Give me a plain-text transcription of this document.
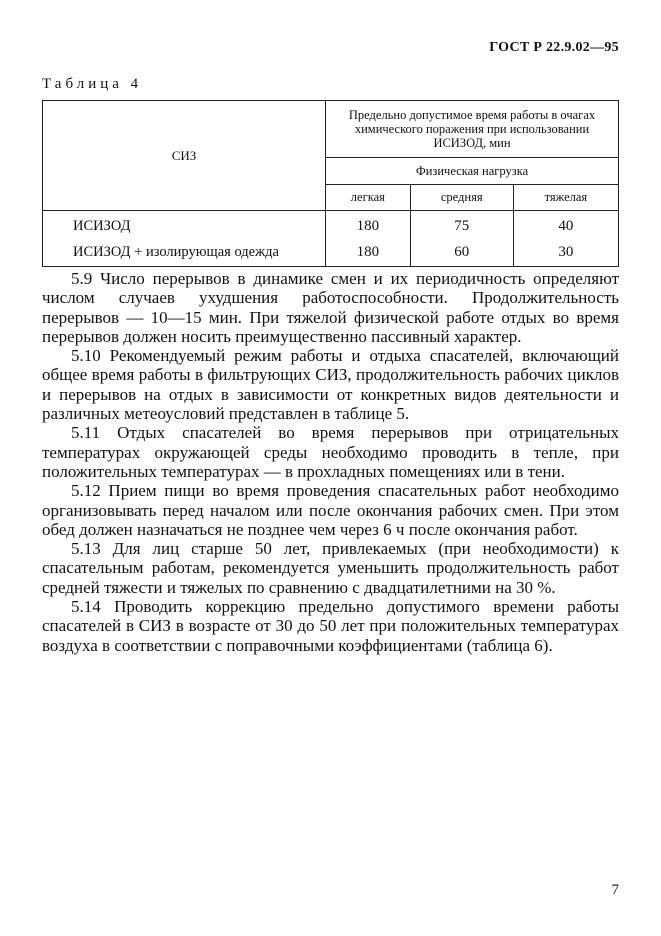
ГОСТ Р 22.9.02—95
Таблица 4
СИЗ	Предельно допустимое время работы в очагах химического поражения при использовании ИСИЗОД, мин		
	Физическая нагрузка		
	легкая	средняя	тяжелая
ИСИЗОД	180	75	40
ИСИЗОД + изолирующая одежда	180	60	30

5.9 Число перерывов в динамике смен и их периодичность определяют числом случаев ухудшения работоспособности. Продолжительность перерывов — 10—15 мин. При тяжелой физической работе отдых во время перерывов должен носить преимущественно пассивный характер.

5.10 Рекомендуемый режим работы и отдыха спасателей, включающий общее время работы в фильтрующих СИЗ, продолжительность рабочих циклов и перерывов на отдых в зависимости от конкретных видов деятельности и различных метеоусловий представлен в таблице 5.

5.11 Отдых спасателей во время перерывов при отрицательных температурах окружающей среды необходимо проводить в тепле, при положительных температурах — в прохладных помещениях или в тени.

5.12 Прием пищи во время проведения спасательных работ необходимо организовывать перед началом или после окончания рабочих смен. При этом обед должен назначаться не позднее чем через 6 ч после окончания работ.

5.13 Для лиц старше 50 лет, привлекаемых (при необходимости) к спасательным работам, рекомендуется уменьшить продолжительность работ средней тяжести и тяжелых по сравнению с двадцатилетними на 30 %.

5.14 Проводить коррекцию предельно допустимого времени работы спасателей в СИЗ в возрасте от 30 до 50 лет при положительных температурах воздуха в соответствии с поправочными коэффициентами (таблица 6).

7
